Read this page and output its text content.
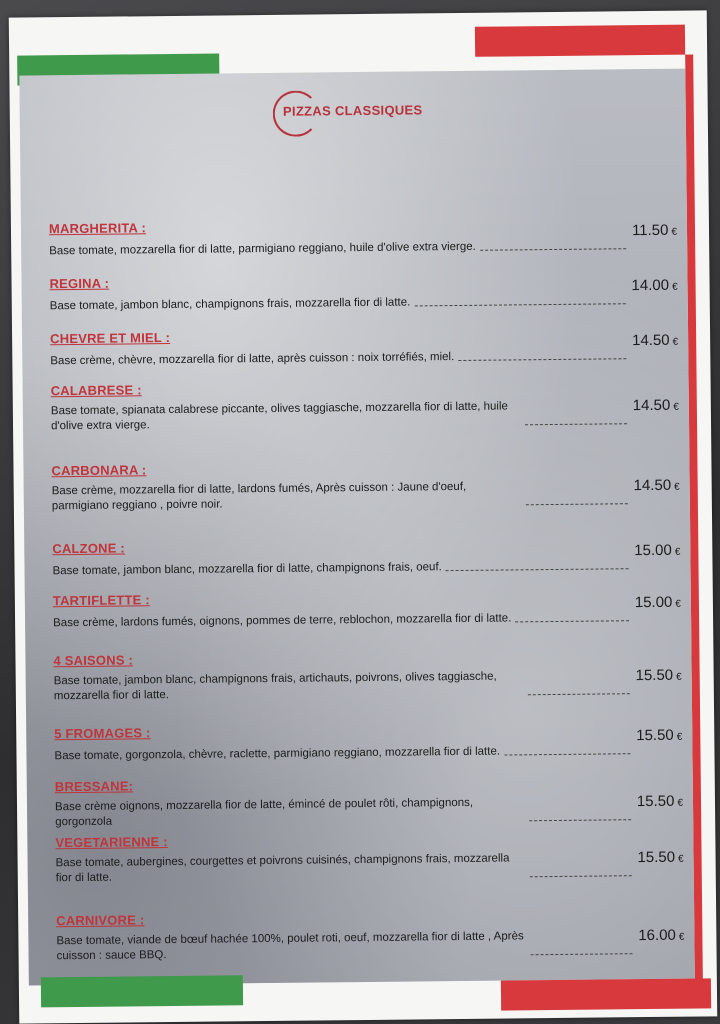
PIZZAS CLASSIQUES
MARGHERITA :
Base tomate, mozzarella fior di latte, parmigiano reggiano, huile d'olive extra vierge.
11.50 €
REGINA :
Base tomate, jambon blanc, champignons frais, mozzarella fior di latte.
14.00 €
CHEVRE ET MIEL :
Base crème, chèvre, mozzarella fior di latte, après cuisson : noix torréfiés, miel.
14.50 €
CALABRESE :
Base tomate, spianata calabrese piccante, olives taggiasche, mozzarella fior di latte, huile d'olive extra vierge.
14.50 €
CARBONARA :
Base crème, mozzarella fior di latte, lardons fumés, Après cuisson : Jaune d'oeuf, parmigiano reggiano , poivre noir.
14.50 €
CALZONE :
Base tomate, jambon blanc, mozzarella fior di latte, champignons frais, oeuf.
15.00 €
TARTIFLETTE :
Base crème, lardons fumés, oignons, pommes de terre, reblochon, mozzarella fior di latte.
15.00 €
4 SAISONS :
Base tomate, jambon blanc, champignons frais, artichauts, poivrons, olives taggiasche, mozzarella fior di latte.
15.50 €
5 FROMAGES :
Base tomate, gorgonzola, chèvre, raclette, parmigiano reggiano, mozzarella fior di latte.
15.50 €
BRESSANE:
Base crème oignons, mozzarella fior de latte, émincé de poulet rôti, champignons, gorgonzola
15.50 €
VEGETARIENNE :
Base tomate, aubergines, courgettes et poivrons cuisinés, champignons frais, mozzarella fior di latte.
15.50 €
CARNIVORE :
Base tomate, viande de bœuf hachée 100%, poulet roti, oeuf, mozzarella fior di latte , Après cuisson : sauce BBQ.
16.00 €
